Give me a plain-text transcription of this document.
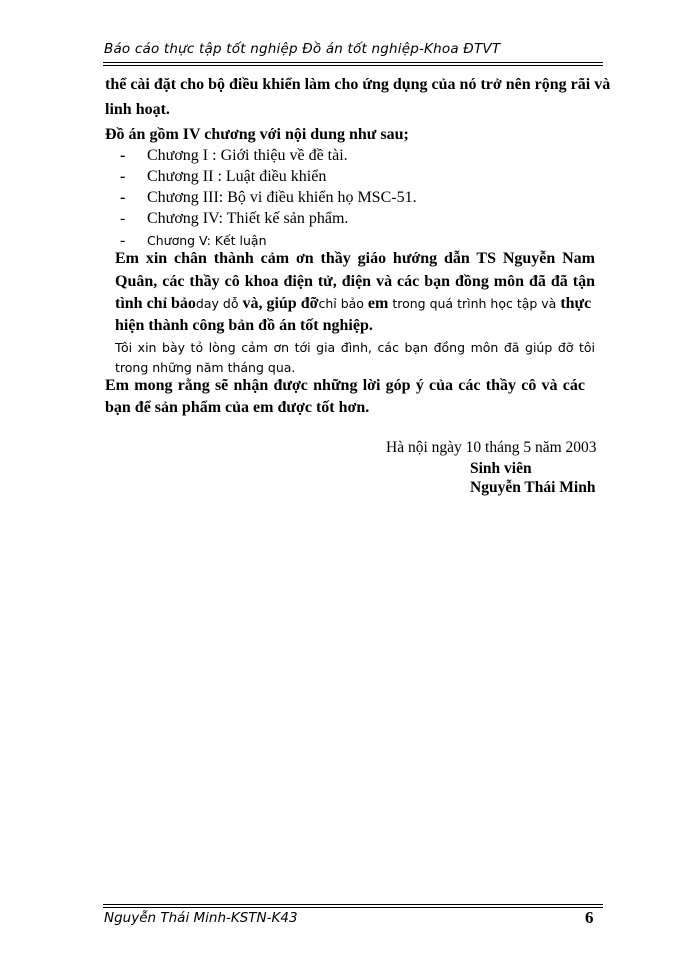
Báo cáo thực tập tốt nghiệp Đồ án tốt nghiệp-Khoa ĐTVT
thể cài đặt cho bộ điều khiển làm cho ứng dụng của nó trở nên rộng rãi và
linh hoạt.
Đồ án gồm IV chương với nội dung như sau;
- Chương I : Giới thiệu về đề tài.
- Chương II : Luật điều khiển
- Chương III: Bộ vi điều khiển họ MSC-51.
- Chương IV: Thiết kế sản phẩm.
- Chương V: Kết luận
Em xin chân thành cảm ơn thầy giáo hướng dẫn TS Nguyễn Nam
Quân, các thầy cô khoa điện tử, điện và các bạn đồng môn đã đã tận
tình chỉ bảoday dỗ và, giúp đỡchỉ bảo em trong quá trình học tập và thực
hiện thành công bản đồ án tốt nghiệp.
Tôi xin bày tỏ lòng cảm ơn tới gia đình, các bạn đồng môn đã giúp đỡ tôi
trong những năm tháng qua.
Em mong rằng sẽ nhận được những lời góp ý của các thầy cô và các
bạn để sản phẩm của em được tốt hơn.
Hà nội ngày 10 tháng 5 năm 2003
Sinh viên
Nguyễn Thái Minh
Nguyễn Thái Minh-KSTN-K43	6
